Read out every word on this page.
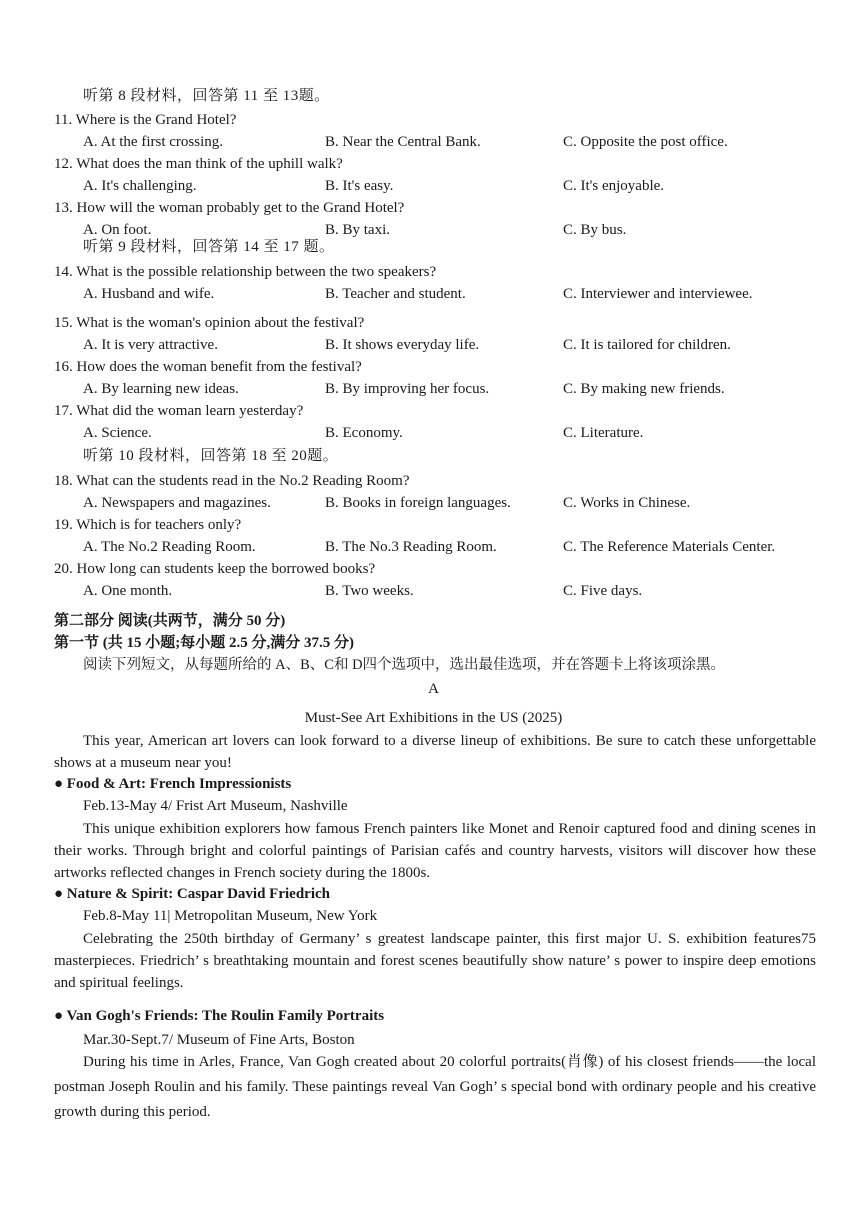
听第 8 段材料，回答第 11 至 13题。
11. Where is the Grand Hotel?
A. At the first crossing.	B. Near the Central Bank.	C. Opposite the post office.
12. What does the man think of the uphill walk?
A. It's challenging.	B. It's easy.	C. It's enjoyable.
13. How will the woman probably get to the Grand Hotel?
A. On foot.	B. By taxi.	C. By bus.
听第 9 段材料，回答第 14 至 17 题。
14. What is the possible relationship between the two speakers?
A. Husband and wife.	B. Teacher and student.	C. Interviewer and interviewee.
15. What is the woman's opinion about the festival?
A. It is very attractive.	B. It shows everyday life.	C. It is tailored for children.
16. How does the woman benefit from the festival?
A. By learning new ideas.	B. By improving her focus.	C. By making new friends.
17. What did the woman learn yesterday?
A. Science.	B. Economy.	C. Literature.
听第 10 段材料，回答第 18 至 20题。
18. What can the students read in the No.2 Reading Room?
A. Newspapers and magazines.	B. Books in foreign languages.	C. Works in Chinese.
19. Which is for teachers only?
A. The No.2 Reading Room.	B. The No.3 Reading Room.	C. The Reference Materials Center.
20. How long can students keep the borrowed books?
A. One month.	B. Two weeks.	C. Five days.
第二部分 阅读(共两节，满分 50 分)
第一节 (共 15 小题;每小题 2.5 分,满分 37.5 分)
阅读下列短文，从每题所给的 A、B、C和 D四个选项中，选出最佳选项，并在答题卡上将该项涂黑。
A
Must-See Art Exhibitions in the US (2025)
This year, American art lovers can look forward to a diverse lineup of exhibitions. Be sure to catch these unforgettable shows at a museum near you!
● Food & Art: French Impressionists
Feb.13-May 4/ Frist Art Museum, Nashville
This unique exhibition explorers how famous French painters like Monet and Renoir captured food and dining scenes in their works. Through bright and colorful paintings of Parisian cafés and country harvests, visitors will discover how these artworks reflected changes in French society during the 1800s.
● Nature & Spirit: Caspar David Friedrich
Feb.8-May 11| Metropolitan Museum, New York
Celebrating the 250th birthday of Germany’ s greatest landscape painter, this first major U. S. exhibition features75 masterpieces. Friedrich’ s breathtaking mountain and forest scenes beautifully show nature’ s power to inspire deep emotions and spiritual feelings.
● Van Gogh's Friends: The Roulin Family Portraits
Mar.30-Sept.7/ Museum of Fine Arts, Boston
During his time in Arles, France, Van Gogh created about 20 colorful portraits(肖像) of his closest friends——the local postman Joseph Roulin and his family. These paintings reveal Van Gogh’ s special bond with ordinary people and his creative growth during this period.
